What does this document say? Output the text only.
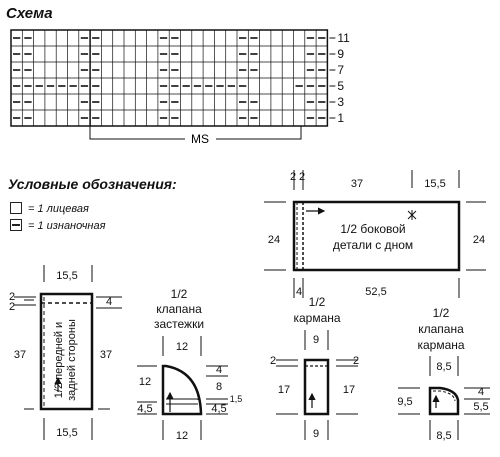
Схема
Условные обозначения:
= 1 лицевая
= 1 изнаночная
11
9
7
5
3
1
MS
15,5
15,5
37	37
2
2	4
1/2 передней и задней стороны
2 2
37	15,5
24	24
4	52,5
1/2 боковой
детали с дном
1/2
клапана
застежки
12
12
12
4,5
4
8
4,5
1,5
1/2
кармана
9
9
17	17
2	2
1/2
клапана
кармана
8,5
8,5
9,5
4
5,5
